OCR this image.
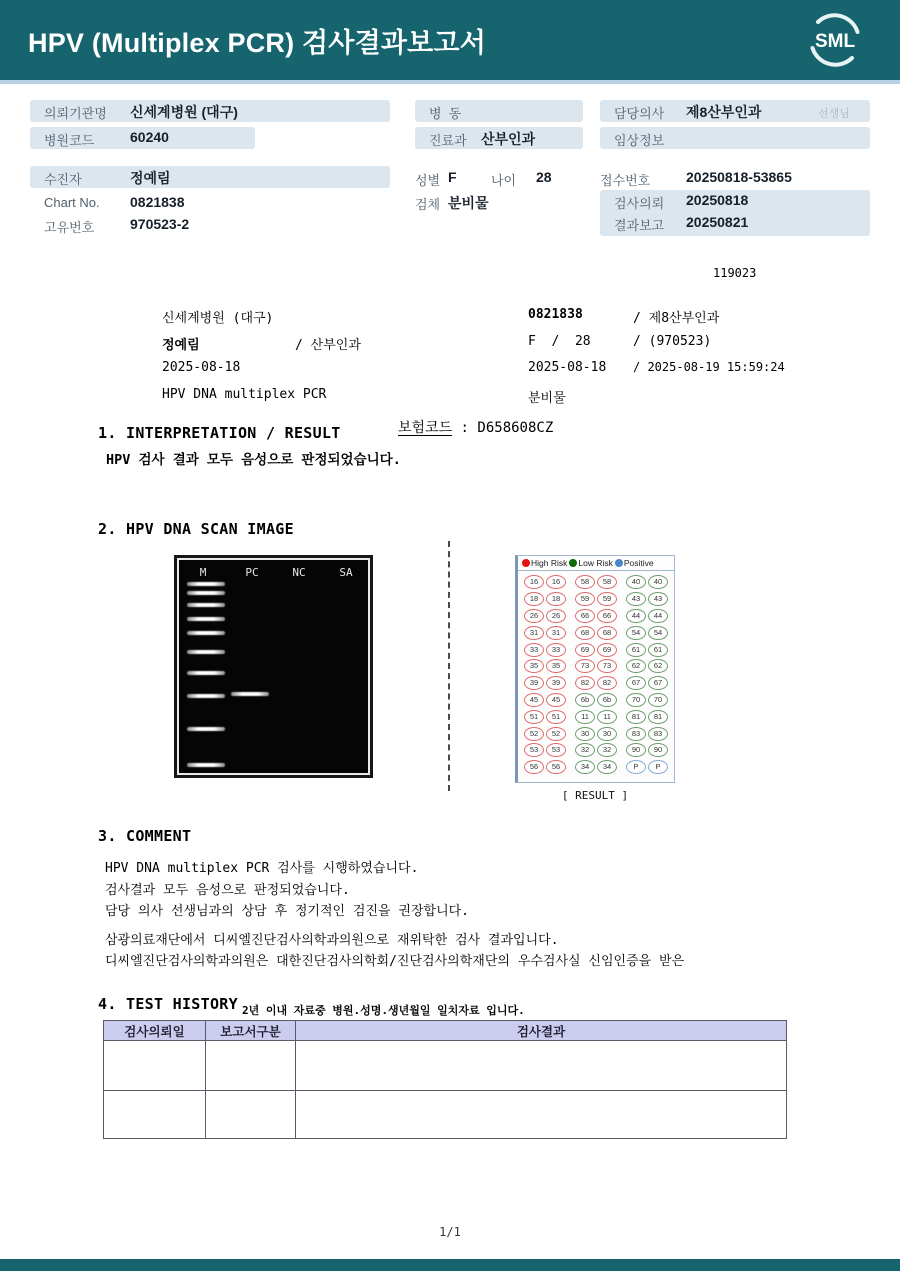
HPV (Multiplex PCR) 검사결과보고서	SML
의뢰기관명 신세계병원 (대구)
병원코드	60240
수진자	정예림
Chart No. 0821838
고유번호	970523-2
병  동
진료과 산부인과
성별 F	나이 28
검체 분비물
담당의사 제8산부인과	선생님
임상정보
접수번호	20250818-53865
검사의뢰 20250818
결과보고 20250821
119023
신세계병원 (대구)	0821838	/ 제8산부인과
정예림	/ 산부인과	F  /  28	/ (970523)
2025-08-18	2025-08-18 / 2025-08-19 15:59:24
HPV DNA multiplex PCR	분비물
1. INTERPRETATION / RESULT	보험코드 : D658608CZ
HPV 검사 결과 모두 음성으로 판정되었습니다.
2. HPV DNA SCAN IMAGE
M	PC	NC	SA
High Risk Low Risk Positive
16	16	58	58	40	40
18	18	59	59	43	43
26	26	66	66	44	44
31	31	68	68	54	54
33	33	69	69	61	61
35	35	73	73	62	62
39	39	82	82	67	67
45	45	6b	6b	70	70
51	51	11	11	81	81
52	52	30	30	83	83
53	53	32	32	90	90
56	56	34	34	P	P
[ RESULT ]
3. COMMENT
HPV DNA multiplex PCR 검사를 시행하였습니다.
검사결과 모두 음성으로 판정되었습니다.
담당 의사 선생님과의 상담 후 정기적인 검진을 권장합니다.
삼광의료재단에서 디씨엘진단검사의학과의원으로 재위탁한 검사 결과입니다.
디씨엘진단검사의학과의원은 대한진단검사의학회/진단검사의학재단의 우수검사실 신임인증을 받은
4. TEST HISTORY 2년 이내 자료중 병원.성명.생년월일 일치자료 입니다.
검사의뢰일	보고서구분	검사결과

1/1
